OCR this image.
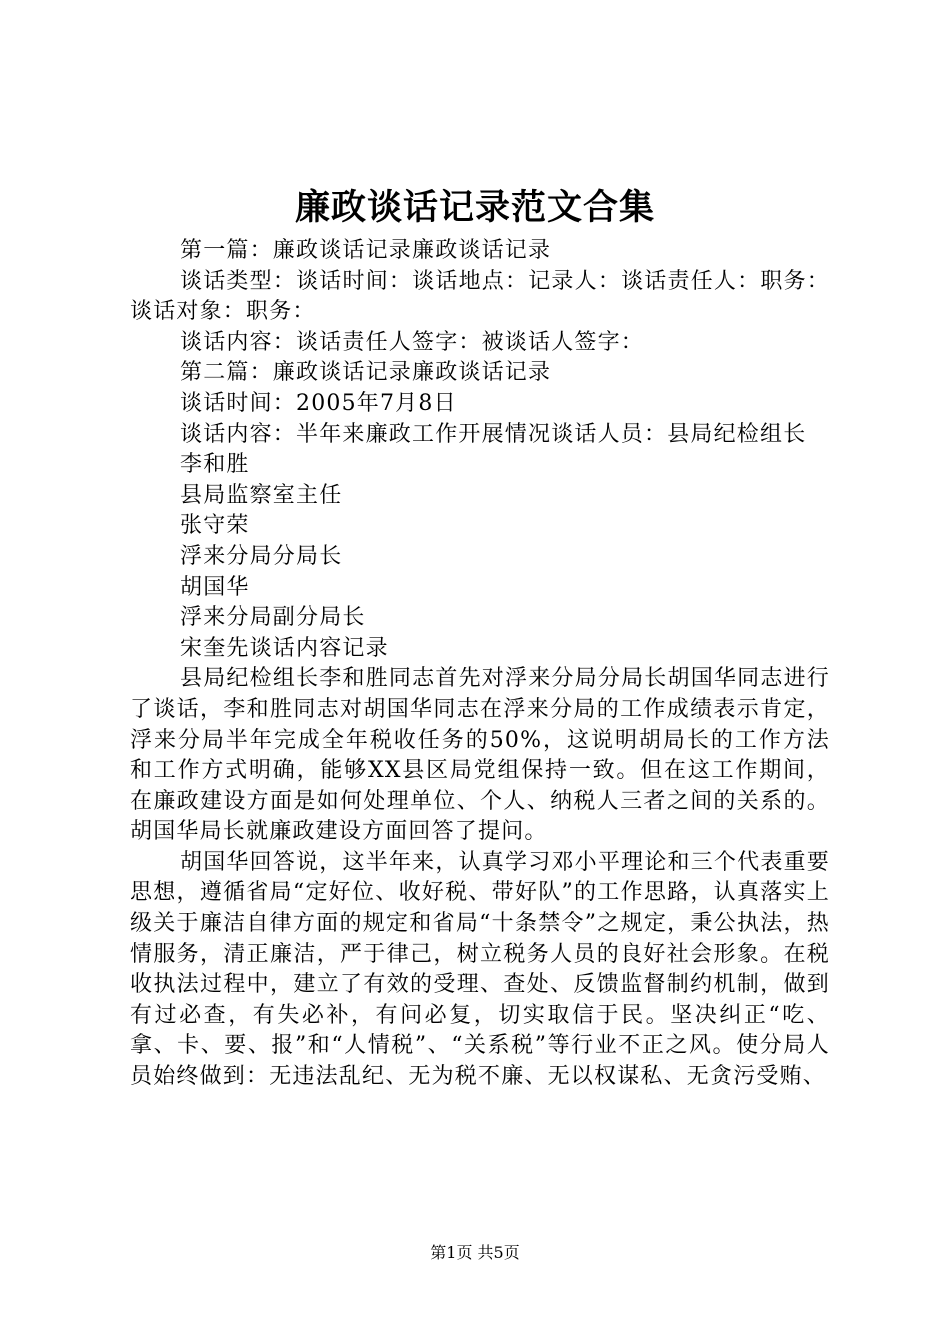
廉政谈话记录范文合集

第一篇：廉政谈话记录廉政谈话记录

谈话类型：谈话时间：谈话地点：记录人：谈话责任人：职务：谈话对象：职务：

谈话内容：谈话责任人签字：被谈话人签字：

第二篇：廉政谈话记录廉政谈话记录

谈话时间：2005年7月8日

谈话内容：半年来廉政工作开展情况谈话人员：县局纪检组长

李和胜

县局监察室主任

张守荣

浮来分局分局长

胡国华

浮来分局副分局长

宋奎先谈话内容记录

县局纪检组长李和胜同志首先对浮来分局分局长胡国华同志进行了谈话，李和胜同志对胡国华同志在浮来分局的工作成绩表示肯定，浮来分局半年完成全年税收任务的50%，这说明胡局长的工作方法和工作方式明确，能够XX县区局党组保持一致。但在这工作期间，在廉政建设方面是如何处理单位、个人、纳税人三者之间的关系的。胡国华局长就廉政建设方面回答了提问。

胡国华回答说，这半年来，认真学习邓小平理论和三个代表重要思想，遵循省局“定好位、收好税、带好队”的工作思路，认真落实上级关于廉洁自律方面的规定和省局“十条禁令”之规定，秉公执法，热情服务，清正廉洁，严于律己，树立税务人员的良好社会形象。在税收执法过程中，建立了有效的受理、查处、反馈监督制约机制，做到有过必查，有失必补，有问必复，切实取信于民。坚决纠正“吃、拿、卡、要、报”和“人情税”、“关系税”等行业不正之风。使分局人员始终做到：无违法乱纪、无为税不廉、无以权谋私、无贪污受贿、

第1页 共5页
